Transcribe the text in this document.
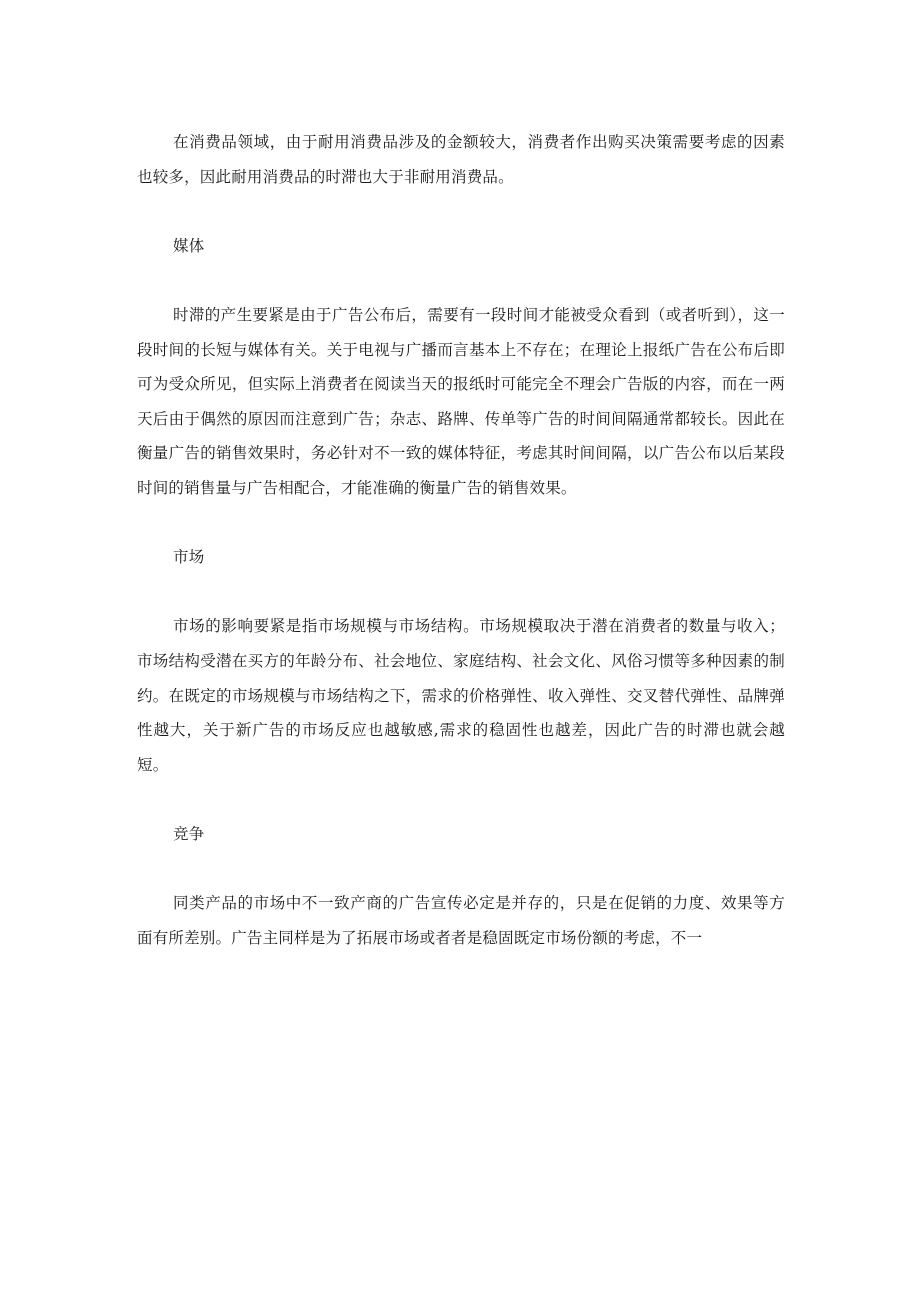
在消费品领域，由于耐用消费品涉及的金额较大，消费者作出购买决策需要考虑的因素也较多，因此耐用消费品的时滞也大于非耐用消费品。

媒体

时滞的产生要紧是由于广告公布后，需要有一段时间才能被受众看到（或者听到），这一段时间的长短与媒体有关。关于电视与广播而言基本上不存在；在理论上报纸广告在公布后即可为受众所见，但实际上消费者在阅读当天的报纸时可能完全不理会广告版的内容，而在一两天后由于偶然的原因而注意到广告；杂志、路牌、传单等广告的时间间隔通常都较长。因此在衡量广告的销售效果时，务必针对不一致的媒体特征，考虑其时间间隔，以广告公布以后某段时间的销售量与广告相配合，才能准确的衡量广告的销售效果。

市场

市场的影响要紧是指市场规模与市场结构。市场规模取决于潜在消费者的数量与收入；市场结构受潜在买方的年龄分布、社会地位、家庭结构、社会文化、风俗习惯等多种因素的制约。在既定的市场规模与市场结构之下，需求的价格弹性、收入弹性、交叉替代弹性、品牌弹性越大，关于新广告的市场反应也越敏感,需求的稳固性也越差，因此广告的时滞也就会越短。

竞争

同类产品的市场中不一致产商的广告宣传必定是并存的，只是在促销的力度、效果等方面有所差别。广告主同样是为了拓展市场或者者是稳固既定市场份额的考虑，不一
